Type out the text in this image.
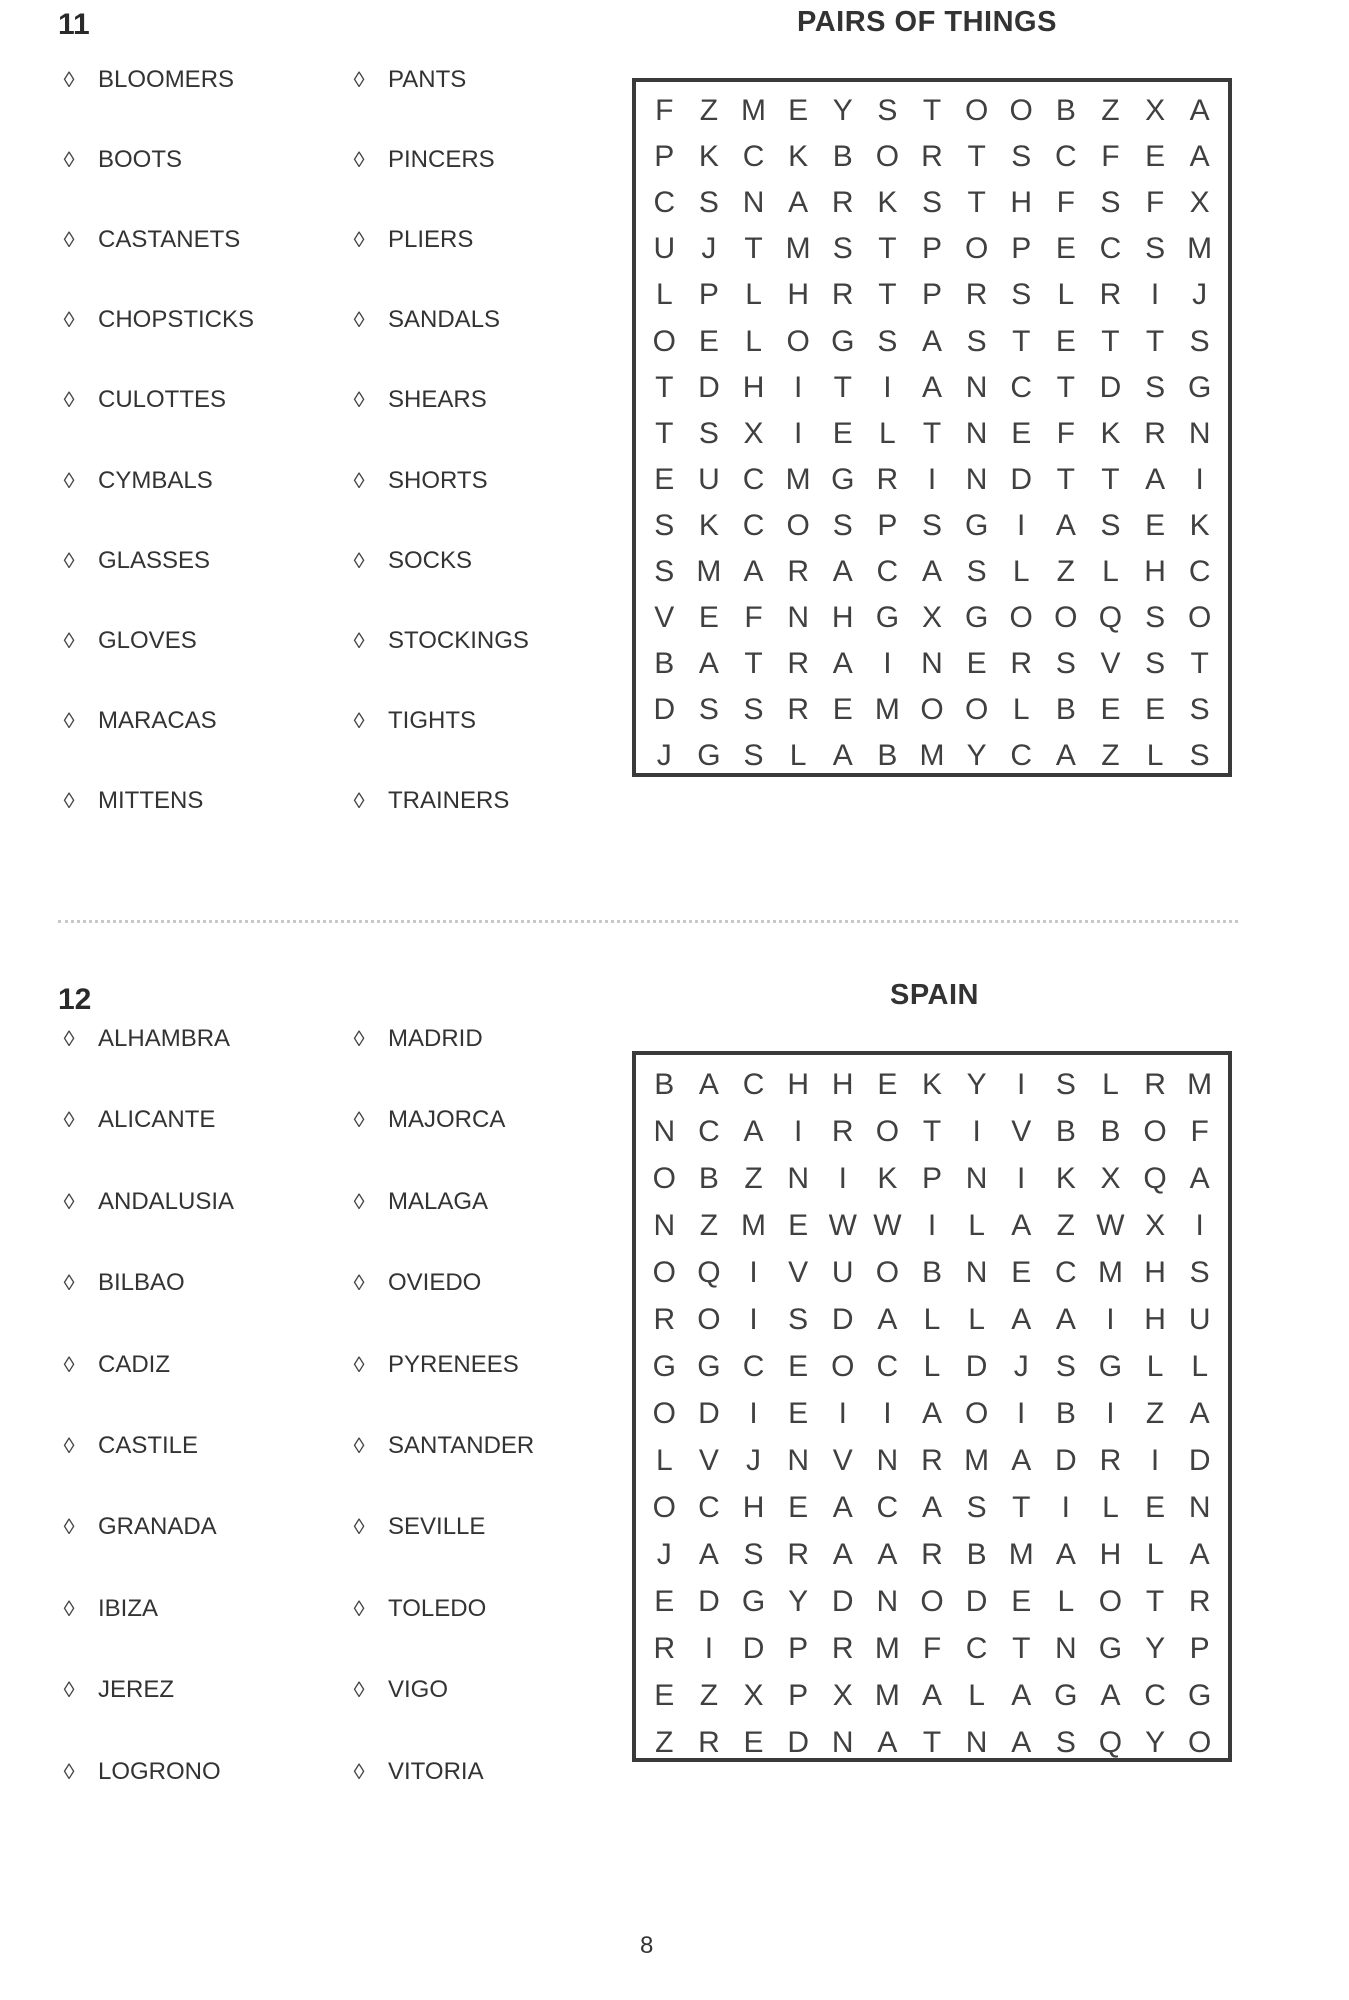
11	PAIRS OF THINGS
◊ BLOOMERS
◊ BOOTS
◊ CASTANETS
◊ CHOPSTICKS
◊ CULOTTES
◊ CYMBALS
◊ GLASSES
◊ GLOVES
◊ MARACAS
◊ MITTENS
◊ PANTS
◊ PINCERS
◊ PLIERS
◊ SANDALS
◊ SHEARS
◊ SHORTS
◊ SOCKS
◊ STOCKINGS
◊ TIGHTS
◊ TRAINERS
F Z M E Y S T O O B Z X A
P K C K B O R T S C F E A
C S N A R K S T H F S F X
U J T M S T P O P E C S M
L P L H R T P R S L R I	J
O E L O G S A S T E T T S
T D H I	T	I	A N C T D S G
T S X	I	E L T N E F K R N
E U C M G R I N D T T A	I
S K C O S P S G I	A S E K
S M A R A C A S L Z L H C
V E F N H G X G O O Q S O
B A T R A	I N E R S V S T
D S S R E M O O L B E E S
J G S L A B M Y C A Z L S
12	SPAIN
◊ ALHAMBRA
◊ ALICANTE
◊ ANDALUSIA
◊ BILBAO
◊ CADIZ
◊ CASTILE
◊ GRANADA
◊ IBIZA
◊ JEREZ
◊ LOGRONO
◊ MADRID
◊ MAJORCA
◊ MALAGA
◊ OVIEDO
◊ PYRENEES
◊ SANTANDER
◊ SEVILLE
◊ TOLEDO
◊ VIGO
◊ VITORIA
B A C H H E K Y	I	S L R M
N C A	I R O T	I	V B B O F
O B Z N I	K P N I	K X Q A
N Z M E W W I	L A Z W X	I
O Q I	V U O B N E C M H S
R O I	S D A L L A A	I H U
G G C E O C L D J S G L L
O D I	E	I	I	A O I	B	I	Z A
L V J N V N R M A D R I D
O C H E A C A S T	I	L E N
J A S R A A R B M A H L A
E D G Y D N O D E L O T R
R I D P R M F C T N G Y P
E Z X P X M A L A G A C G
Z R E D N A T N A S Q Y O
8
